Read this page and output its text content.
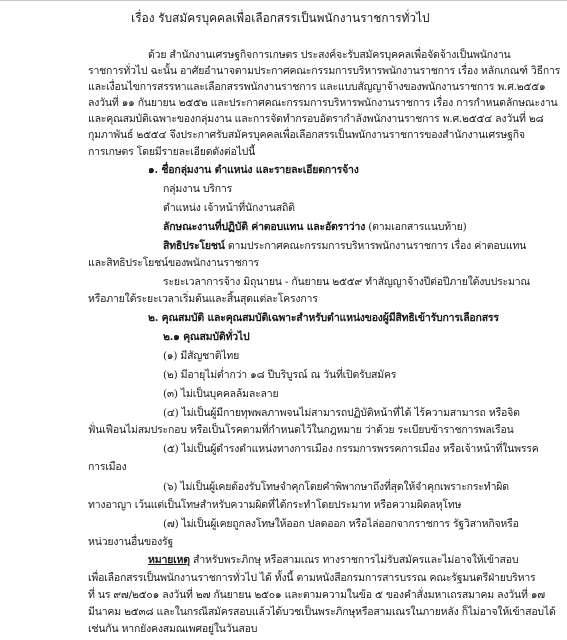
เรื่อง รับสมัครบุคคลเพื่อเลือกสรรเป็นพนักงานราชการทั่วไป
ด้วย สำนักงานเศรษฐกิจการเกษตร ประสงค์จะรับสมัครบุคคลเพื่อจัดจ้างเป็นพนักงาน
ราชการทั่วไป ฉะนั้น อาศัยอำนาจตามประกาศคณะกรรมการบริหารพนักงานราชการ เรื่อง หลักเกณฑ์ วิธีการ
และเงื่อนไขการสรรหาและเลือกสรรพนักงานราชการ และแบบสัญญาจ้างของพนักงานราชการ พ.ศ.๒๕๕๑
ลงวันที่ ๑๑ กันยายน ๒๕๕๒ และประกาศคณะกรรมการบริหารพนักงานราชการ เรื่อง การกำหนดลักษณะงาน
และคุณสมบัติเฉพาะของกลุ่มงาน และการจัดทำกรอบอัตรากำลังพนักงานราชการ พ.ศ.๒๕๕๔ ลงวันที่ ๒๘
กุมภาพันธ์ ๒๕๕๔ จึงประกาศรับสมัครบุคคลเพื่อเลือกสรรเป็นพนักงานราชการของสำนักงานเศรษฐกิจ
การเกษตร โดยมีรายละเอียดดังต่อไปนี้
๑. ชื่อกลุ่มงาน ตำแหน่ง และรายละเอียดการจ้าง
กลุ่มงาน บริการ
ตำแหน่ง เจ้าหน้าที่นักงานสถิติ
ลักษณะงานที่ปฏิบัติ ค่าตอบแทน และอัตราว่าง (ตามเอกสารแนบท้าย)
สิทธิประโยชน์ ตามประกาศคณะกรรมการบริหารพนักงานราชการ เรื่อง ค่าตอบแทน
และสิทธิประโยชน์ของพนักงานราชการ
ระยะเวลาการจ้าง มิถุนายน - กันยายน ๒๕๕๙ ทำสัญญาจ้างปีต่อปีภายใต้งบประมาณ
หรือภายใต้ระยะเวลาเริ่มต้นและสิ้นสุดแต่ละโครงการ
๒. คุณสมบัติ และคุณสมบัติเฉพาะสำหรับตำแหน่งของผู้มีสิทธิเข้ารับการเลือกสรร
๒.๑ คุณสมบัติทั่วไป
(๑) มีสัญชาติไทย
(๒) มีอายุไม่ต่ำกว่า ๑๘ ปีบริบูรณ์ ณ วันที่เปิดรับสมัคร
(๓) ไม่เป็นบุคคลล้มละลาย
(๔) ไม่เป็นผู้มีกายทุพพลภาพจนไม่สามารถปฏิบัติหน้าที่ได้ ไร้ความสามารถ หรือจิต
ฟั่นเฟือนไม่สมประกอบ หรือเป็นโรคตามที่กำหนดไว้ในกฎหมาย ว่าด้วย ระเบียบข้าราชการพลเรือน
(๕) ไม่เป็นผู้ดำรงตำแหน่งทางการเมือง กรรมการพรรคการเมือง หรือเจ้าหน้าที่ในพรรค
การเมือง
(๖) ไม่เป็นผู้เคยต้องรับโทษจำคุกโดยคำพิพากษาถึงที่สุดให้จำคุกเพราะกระทำผิด
ทางอาญา เว้นแต่เป็นโทษสำหรับความผิดที่ได้กระทำโดยประมาท หรือความผิดลหุโทษ
(๗) ไม่เป็นผู้เคยถูกลงโทษให้ออก ปลดออก หรือไล่ออกจากราชการ รัฐวิสาหกิจหรือ
หน่วยงานอื่นของรัฐ
หมายเหตุ สำหรับพระภิกษุ หรือสามเณร ทางราชการไม่รับสมัครและไม่อาจให้เข้าสอบ
เพื่อเลือกสรรเป็นพนักงานราชการทั่วไป ได้ ทั้งนี้ ตามหนังสือกรมการสารบรรณ คณะรัฐมนตรีฝ่ายบริหาร
ที่ นร ๙๗/๒๕๐๑ ลงวันที่ ๒๗ กันยายน ๒๕๐๑ และตามความในข้อ ๕ ของคำสั่งมหาเถรสมาคม ลงวันที่ ๑๗
มีนาคม ๒๕๓๘ และในกรณีสมัครสอบแล้วได้บวชเป็นพระภิกษุหรือสามเณรในภายหลัง ก็ไม่อาจให้เข้าสอบได้
เช่นกัน หากยังคงสมณเพศอยู่ในวันสอบ
